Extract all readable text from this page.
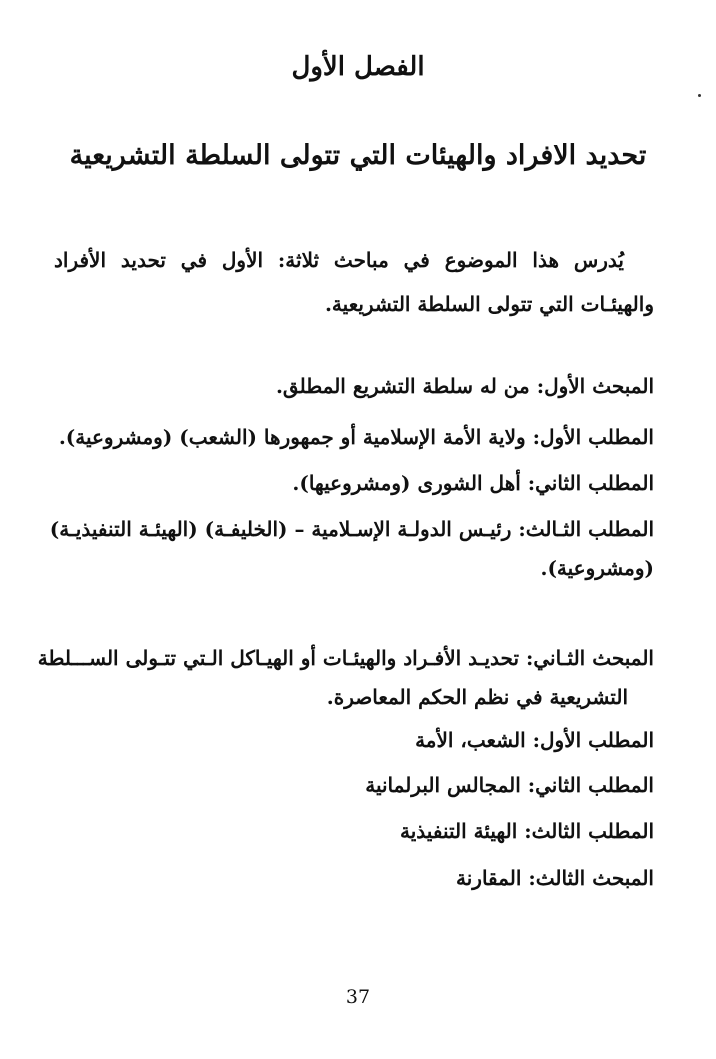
الفصل الأول
تحديد الافراد والهيئات التي تتولى السلطة التشريعية

يُدرس هذا الموضوع في مباحث ثلاثة: الأول في تحديد الأفراد والهيئـات التي تتولى السلطة التشريعية.

المبحث الأول: من له سلطة التشريع المطلق.
المطلب الأول: ولاية الأمة الإسلامية أو جمهورها (الشعب) (ومشروعية).
المطلب الثاني: أهل الشورى (ومشروعيها).
المطلب الثـالث: رئيـس الدولـة الإسـلامية – (الخليفـة) (الهيئـة التنفيذيـة)
(ومشروعية).
المبحث الثـاني: تحديـد الأفـراد والهيئـات أو الهيـاكل الـتي تتـولى الســـلطة
التشريعية في نظم الحكم المعاصرة.
المطلب الأول: الشعب، الأمة
المطلب الثاني: المجالس البرلمانية
المطلب الثالث: الهيئة التنفيذية
المبحث الثالث: المقارنة
37
